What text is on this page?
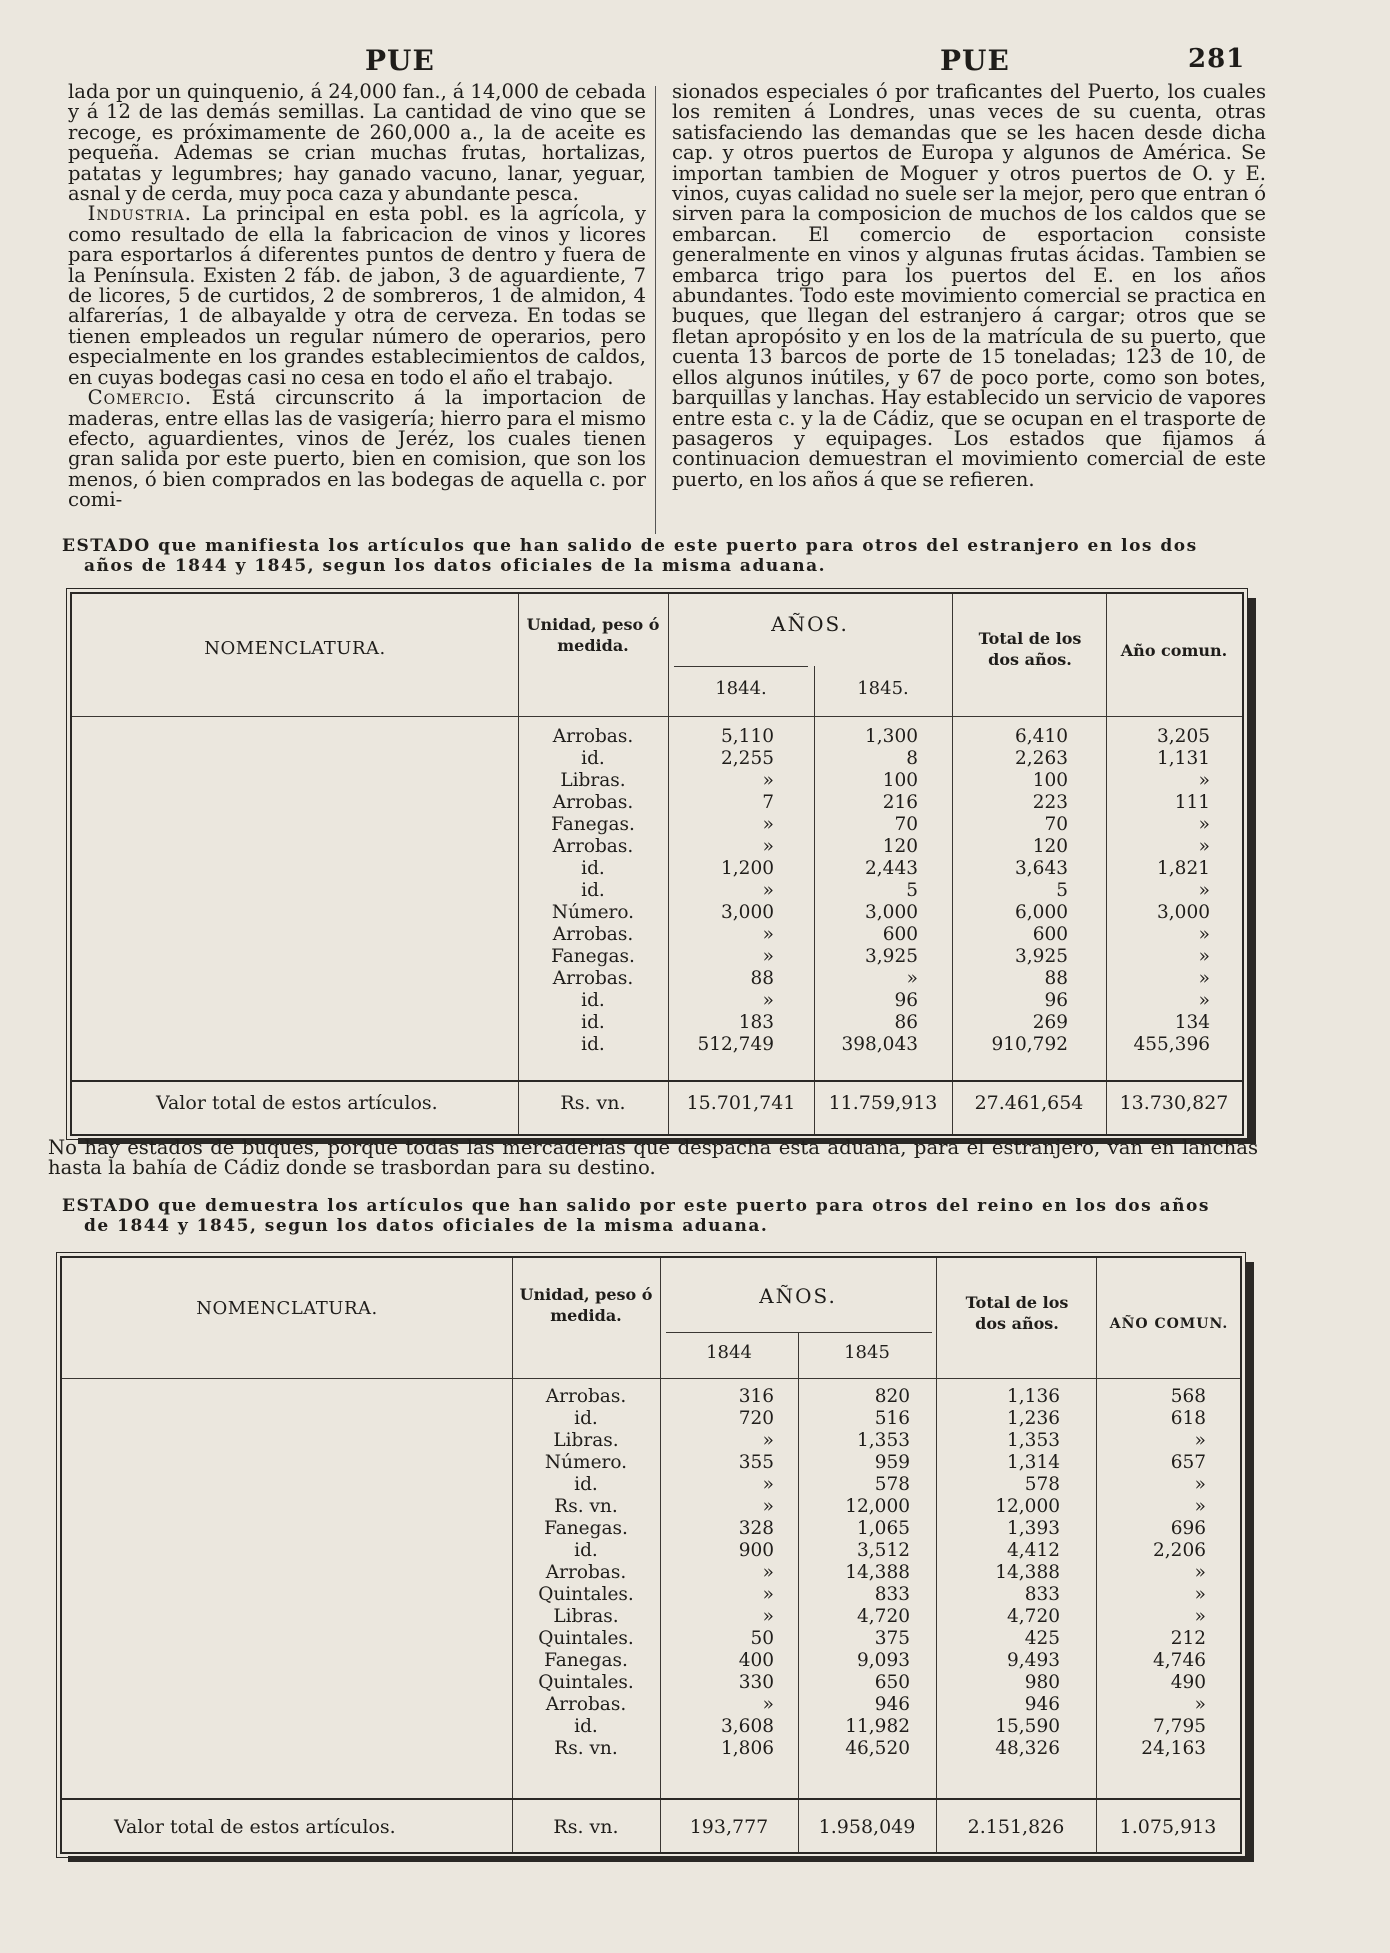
PUE	PUE	281

lada por un quinquenio, á 24,000 fan., á 14,000 de cebada y á 12 de las demás semillas. La cantidad de vino que se recoge, es próximamente de 260,000 a., la de aceite es pequeña. Ademas se crian muchas frutas, hortalizas, patatas y legumbres; hay ganado vacuno, lanar, yeguar, asnal y de cerda, muy poca caza y abundante pesca.

 Industria. La principal en esta pobl. es la agrícola, y como resultado de ella la fabricacion de vinos y licores para esportarlos á diferentes puntos de dentro y fuera de la Península. Existen 2 fáb. de jabon, 3 de aguardiente, 7 de licores, 5 de curtidos, 2 de sombreros, 1 de almidon, 4 alfarerías, 1 de albayalde y otra de cerveza. En todas se tienen empleados un regular número de operarios, pero especialmente en los grandes establecimientos de caldos, en cuyas bodegas casi no cesa en todo el año el trabajo.

 Comercio. Está circunscrito á la importacion de maderas, entre ellas las de vasigería; hierro para el mismo efecto, aguardientes, vinos de Jeréz, los cuales tienen gran salida por este puerto, bien en comision, que son los menos, ó bien comprados en las bodegas de aquella c. por comi-

sionados especiales ó por traficantes del Puerto, los cuales los remiten á Londres, unas veces de su cuenta, otras satisfaciendo las demandas que se les hacen desde dicha cap. y otros puertos de Europa y algunos de América. Se importan tambien de Moguer y otros puertos de O. y E. vinos, cuyas calidad no suele ser la mejor, pero que entran ó sirven para la composicion de muchos de los caldos que se embarcan. El comercio de esportacion consiste generalmente en vinos y algunas frutas ácidas. Tambien se embarca trigo para los puertos del E. en los años abundantes. Todo este movimiento comercial se practica en buques, que llegan del estranjero á cargar; otros que se fletan apropósito y en los de la matrícula de su puerto, que cuenta 13 barcos de porte de 15 toneladas; 123 de 10, de ellos algunos inútiles, y 67 de poco porte, como son botes, barquillas y lanchas. Hay establecido un servicio de vapores entre esta c. y la de Cádiz, que se ocupan en el trasporte de pasageros y equipages. Los estados que fijamos á continuacion demuestran el movimiento comercial de este puerto, en los años á que se refieren.

ESTADO que manifiesta los artículos que han salido de este puerto para otros del estranjero en los dos
años de 1844 y 1845, segun los datos oficiales de la misma aduana.
NOMENCLATURA.
Unidad, peso ó medida.
AÑOS.
1844.	1845.
Total de los dos años.	Año comun.
Arrobas.	5,110	1,300	6,410	3,205
id.	2,255	8	2,263	1,131
Libras.	»	100	100	»
Arrobas.	7	216	223	111
Fanegas.	»	70	70	»
Arrobas.	»	120	120	»
id.	1,200	2,443	3,643	1,821
id.	»	5	5	»
Número.	3,000	3,000	6,000	3,000
Arrobas.	»	600	600	»
Fanegas.	»	3,925	3,925	»
Arrobas.	88	»	88	»
id.	»	96	96	»
id.	183	86	269	134
id.	512,749	398,043	910,792	455,396
Valor total de estos artículos.	Rs. vn.	15.701,741	11.759,913	27.461,654	13.730,827
No hay estados de buques, porque todas las mercaderías que despacha esta aduana, para el estranjero, van en lanchas hasta la bahía de Cádiz donde se trasbordan para su destino.
ESTADO que demuestra los artículos que han salido por este puerto para otros del reino en los dos años
de 1844 y 1845, segun los datos oficiales de la misma aduana.
NOMENCLATURA.
Unidad, peso ó medida.
AÑOS.
1844	1845
Total de los dos años.	AÑO COMUN.
Arrobas.	316	820	1,136	568
id.	720	516	1,236	618
Libras.	»	1,353	1,353	»
Número.	355	959	1,314	657
id.	»	578	578	»
Rs. vn.	»	12,000	12,000	»
Fanegas.	328	1,065	1,393	696
id.	900	3,512	4,412	2,206
Arrobas.	»	14,388	14,388	»
Quintales.	»	833	833	»
Libras.	»	4,720	4,720	»
Quintales.	50	375	425	212
Fanegas.	400	9,093	9,493	4,746
Quintales.	330	650	980	490
Arrobas.	»	946	946	»
id.	3,608	11,982	15,590	7,795
Rs. vn.	1,806	46,520	48,326	24,163
Valor total de estos artículos.	Rs. vn.	193,777	1.958,049	2.151,826	1.075,913
